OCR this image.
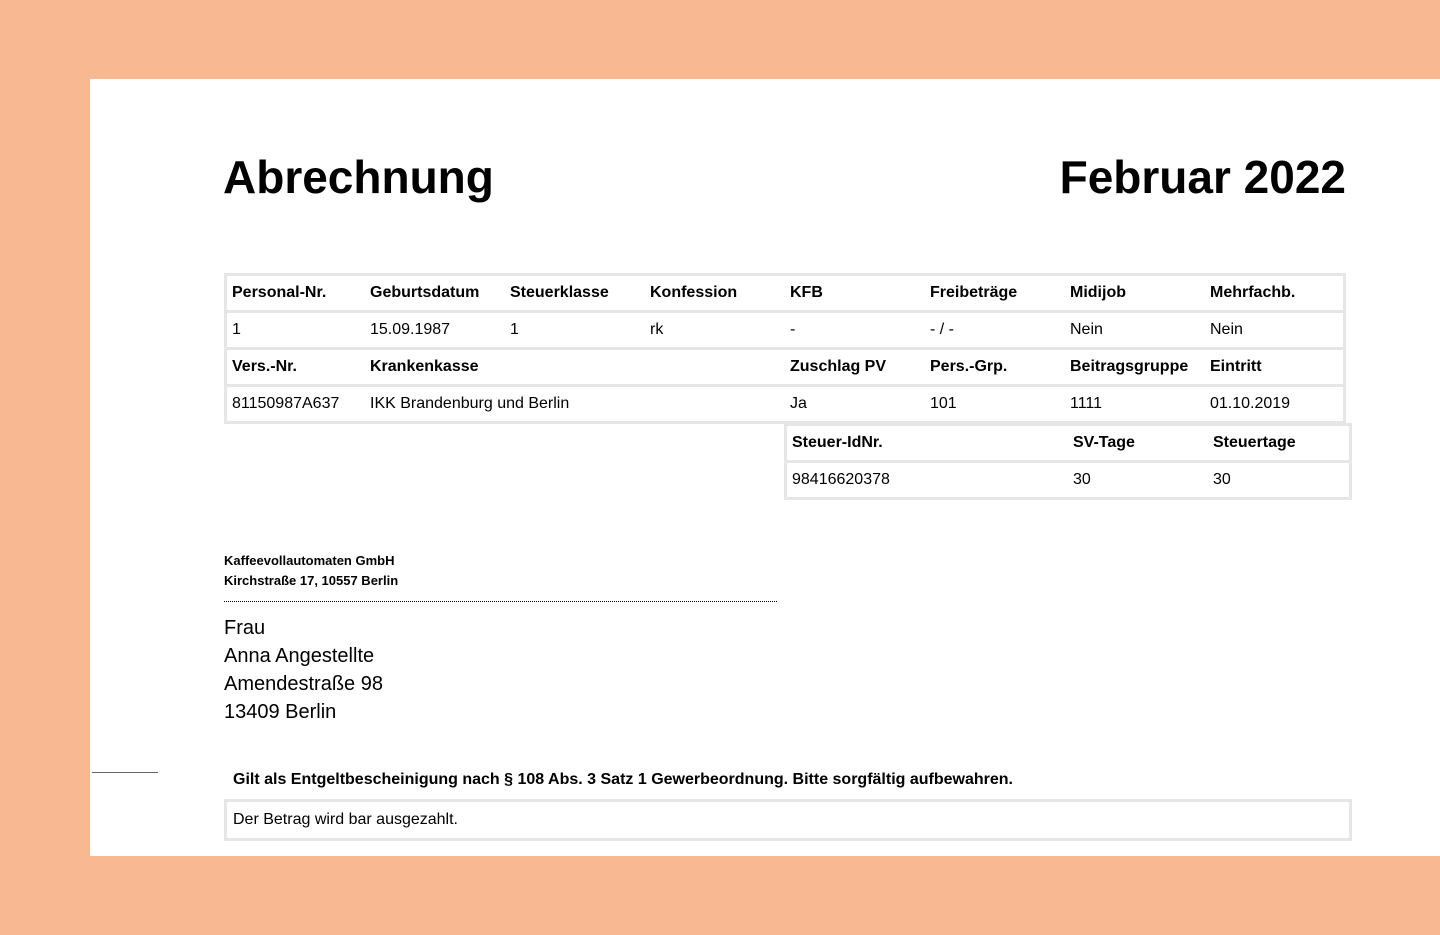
Abrechnung	Februar 2022
Personal-Nr.	Geburtsdatum	Steuerklasse	Konfession	KFB	Freibeträge	Midijob	Mehrfachb.	
1	15.09.1987	1	rk	-	- / -	Nein	Nein	
Vers.-Nr.	Krankenkasse			Zuschlag PV	Pers.-Grp.	Beitragsgruppe	Eintritt	
81150987A637	IKK Brandenburg und Berlin			Ja	101	1111	01.10.2019	
Steuer-IdNr.	SV-Tage	Steuertage
98416620378	30	30
Kaffeevollautomaten GmbH
Kirchstraße 17, 10557 Berlin
Frau
Anna Angestellte
Amendestraße 98
13409 Berlin
Gilt als Entgeltbescheinigung nach § 108 Abs. 3 Satz 1 Gewerbeordnung. Bitte sorgfältig aufbewahren.
Der Betrag wird bar ausgezahlt.
